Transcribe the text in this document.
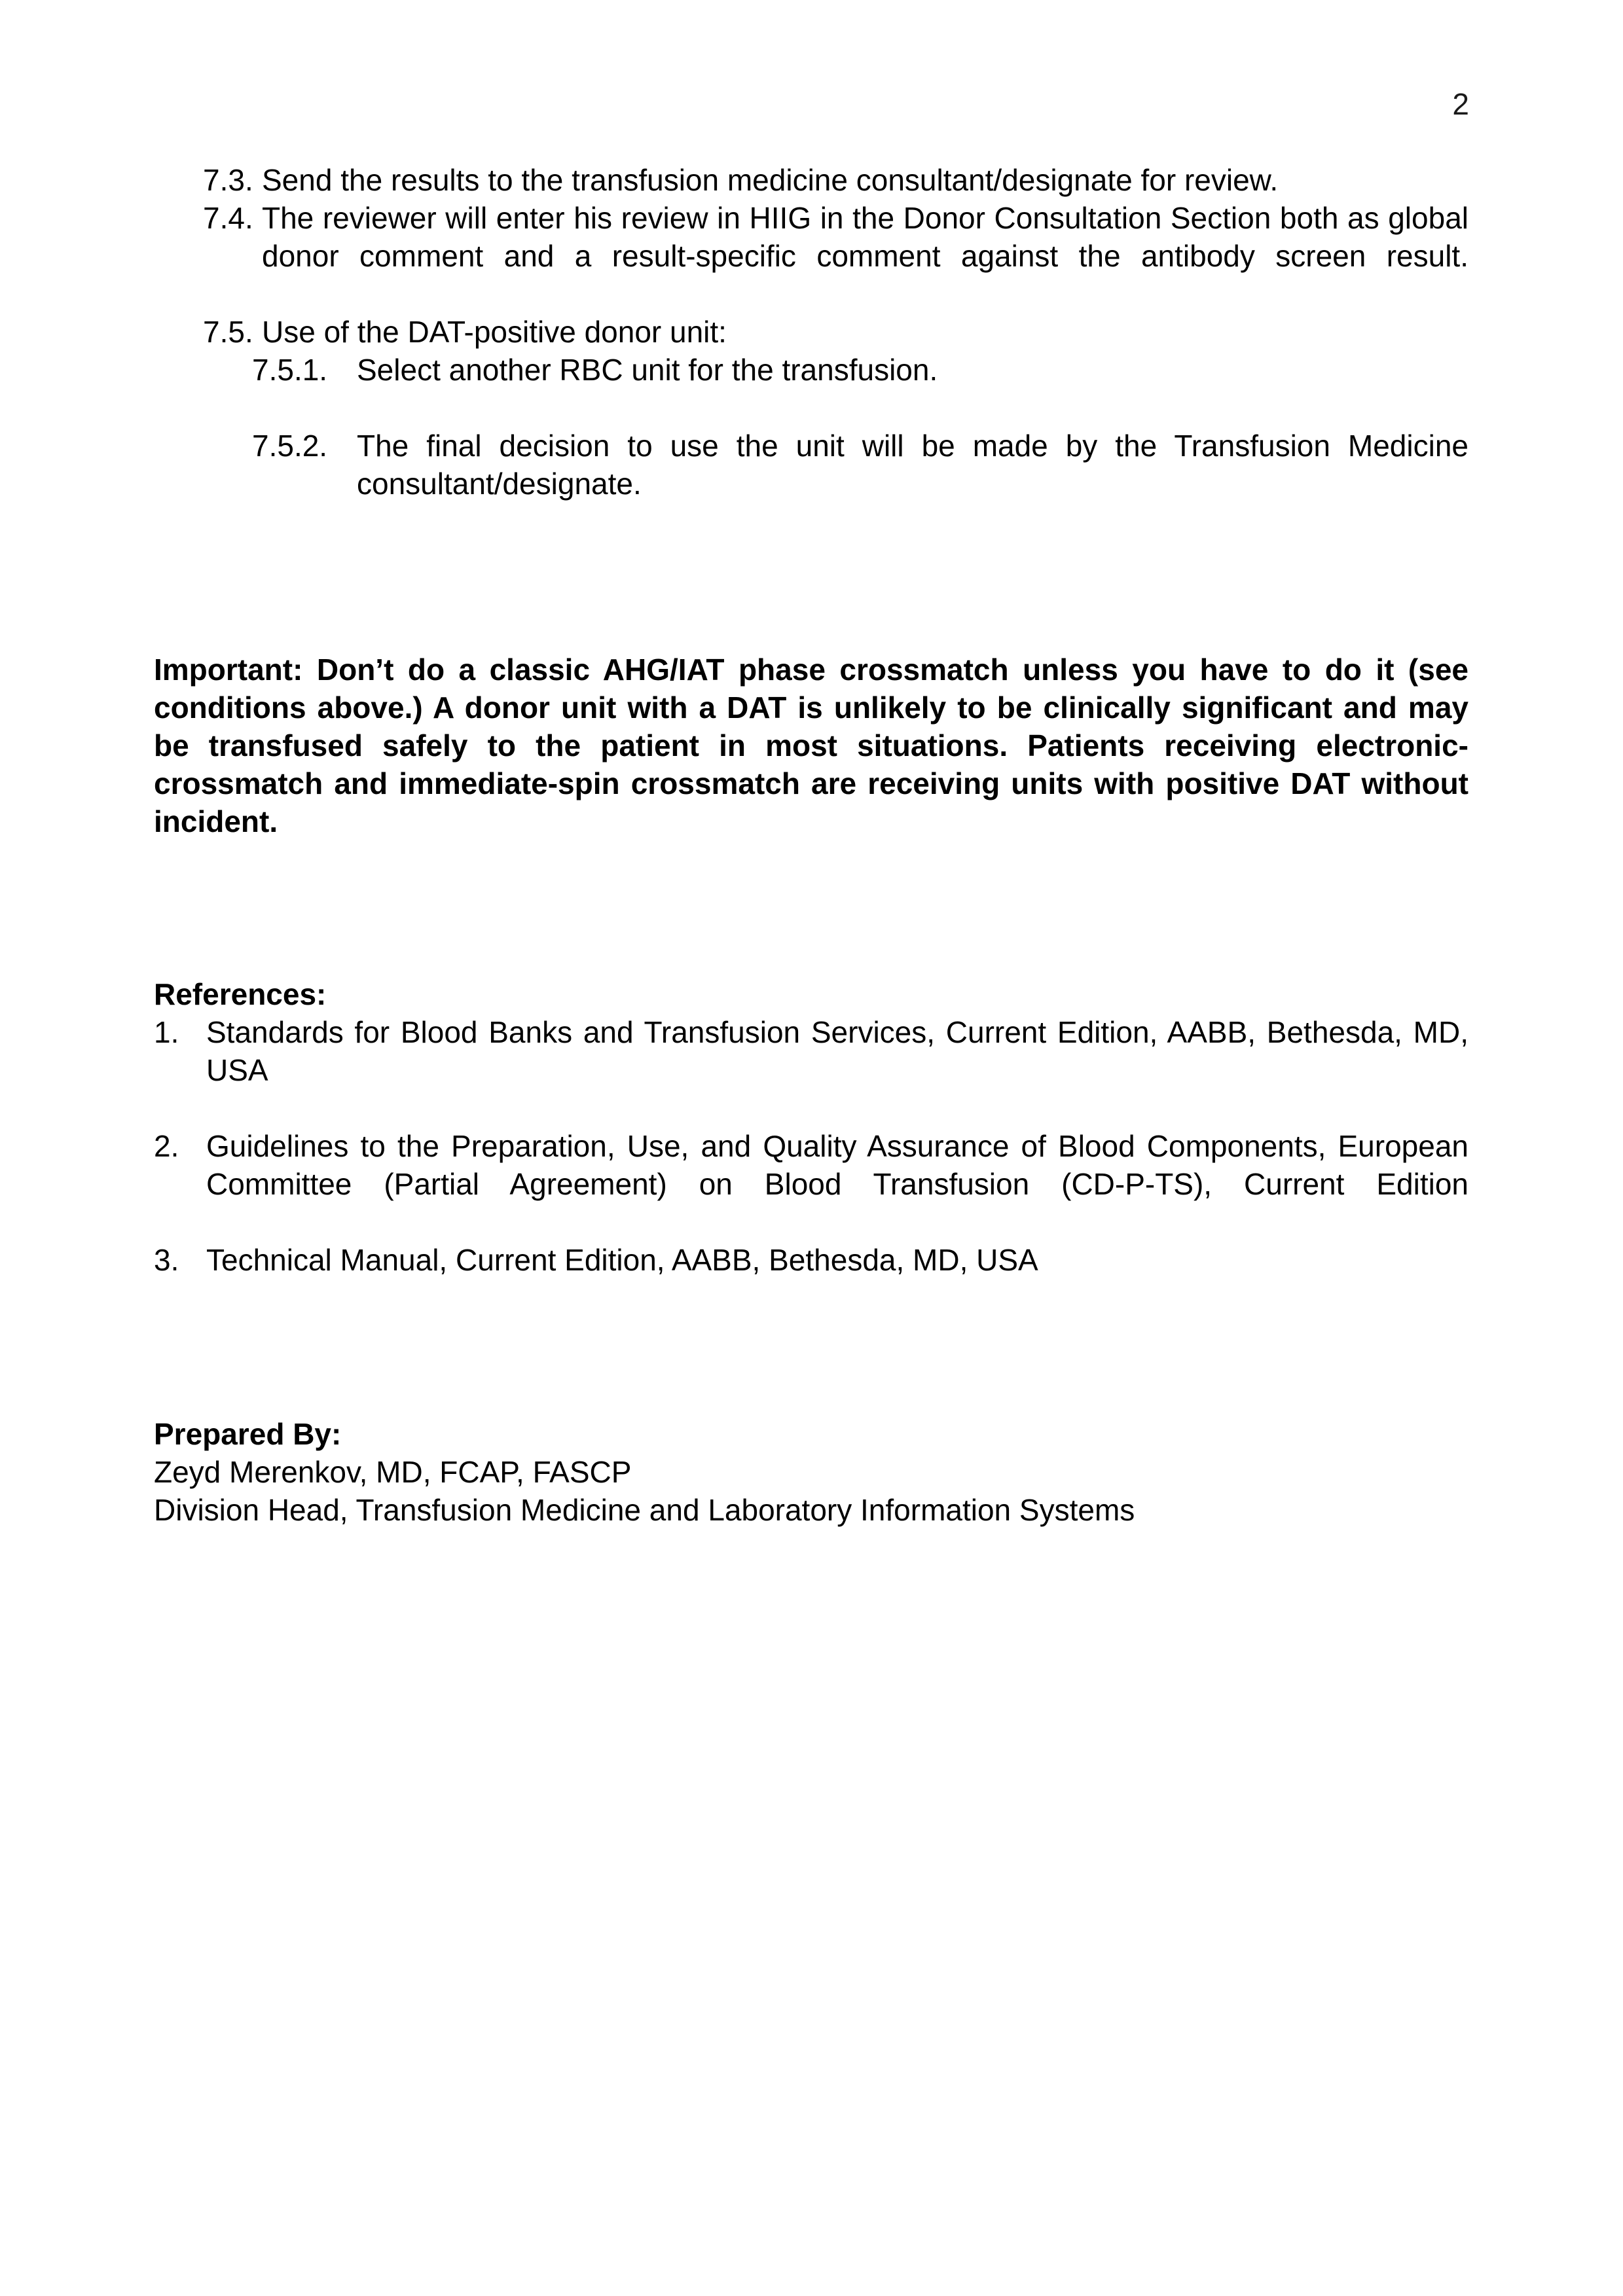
2
7.3. Send the results to the transfusion medicine consultant/designate for review.
7.4. The reviewer will enter his review in HIIG in the Donor Consultation Section both as global donor comment and a result-specific comment against the antibody screen result.
7.5. Use of the DAT-positive donor unit:
7.5.1. Select another RBC unit for the transfusion.
7.5.2. The final decision to use the unit will be made by the Transfusion Medicine consultant/designate.

Important: Don’t do a classic AHG/IAT phase crossmatch unless you have to do it (see conditions above.) A donor unit with a DAT is unlikely to be clinically significant and may be transfused safely to the patient in most situations. Patients receiving electronic-crossmatch and immediate-spin crossmatch are receiving units with positive DAT without incident.

References:

1. Standards for Blood Banks and Transfusion Services, Current Edition, AABB, Bethesda, MD, USA
2. Guidelines to the Preparation, Use, and Quality Assurance of Blood Components, European Committee (Partial Agreement) on Blood Transfusion (CD-P-TS), Current Edition
3. Technical Manual, Current Edition, AABB, Bethesda, MD, USA

Prepared By:

Zeyd Merenkov, MD, FCAP, FASCP

Division Head, Transfusion Medicine and Laboratory Information Systems
